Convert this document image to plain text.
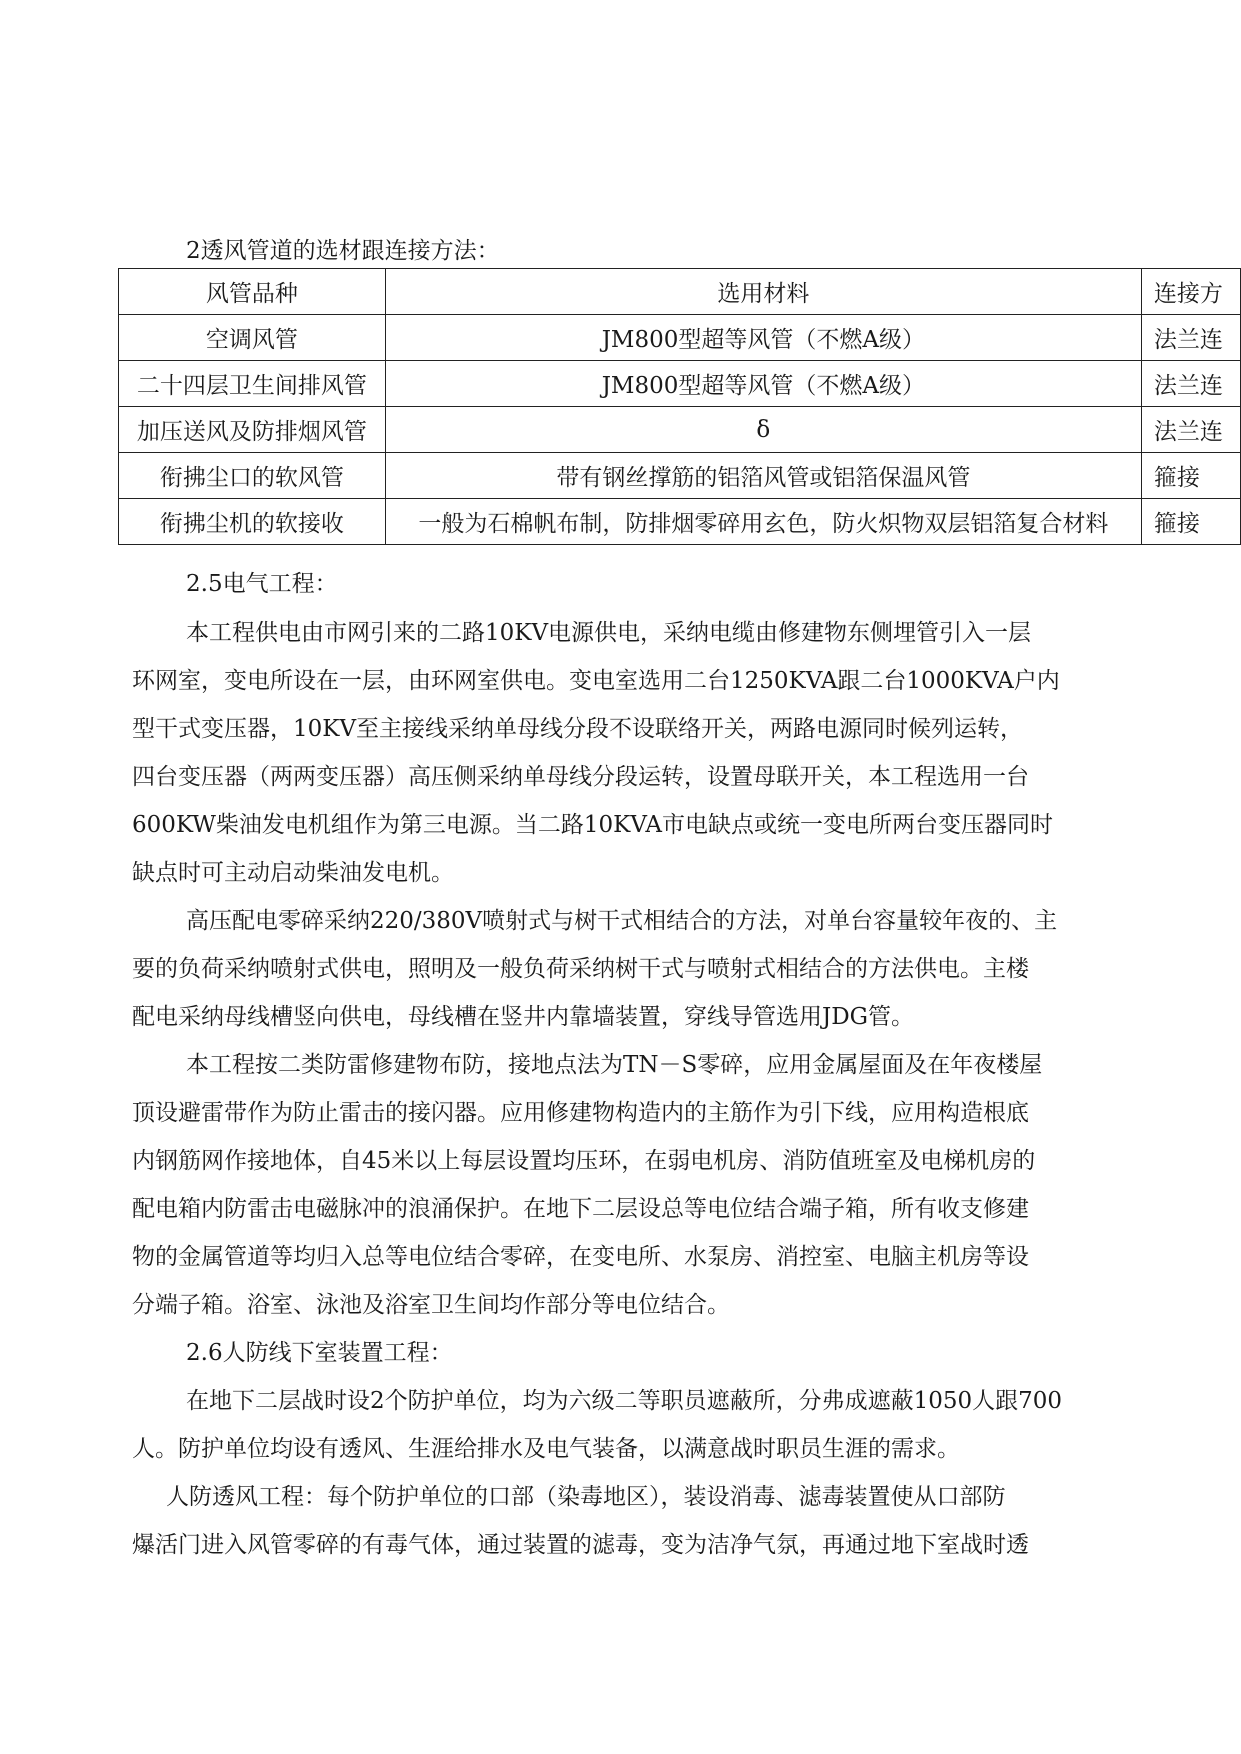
2透风管道的选材跟连接方法：
风管品种	选用材料	连接方
空调风管	JM800型超等风管（不燃A级）	法兰连
二十四层卫生间排风管	JM800型超等风管（不燃A级）	法兰连
加压送风及防排烟风管	δ	法兰连
衔拂尘口的软风管	带有钢丝撑筋的铝箔风管或铝箔保温风管	箍接
衔拂尘机的软接收	一般为石棉帆布制，防排烟零碎用玄色，防火炽物双层铝箔复合材料	箍接
2.5电气工程：
本工程供电由市网引来的二路10KV电源供电，采纳电缆由修建物东侧埋管引入一层
环网室，变电所设在一层，由环网室供电。变电室选用二台1250KVA跟二台1000KVA户内
型干式变压器，10KV至主接线采纳单母线分段不设联络开关，两路电源同时候列运转，
四台变压器（两两变压器）高压侧采纳单母线分段运转，设置母联开关，本工程选用一台
600KW柴油发电机组作为第三电源。当二路10KVA市电缺点或统一变电所两台变压器同时
缺点时可主动启动柴油发电机。
高压配电零碎采纳220/380V喷射式与树干式相结合的方法，对单台容量较年夜的、主
要的负荷采纳喷射式供电，照明及一般负荷采纳树干式与喷射式相结合的方法供电。主楼
配电采纳母线槽竖向供电，母线槽在竖井内靠墙装置，穿线导管选用JDG管。
本工程按二类防雷修建物布防，接地点法为TN－S零碎，应用金属屋面及在年夜楼屋
顶设避雷带作为防止雷击的接闪器。应用修建物构造内的主筋作为引下线，应用构造根底
内钢筋网作接地体，自45米以上每层设置均压环，在弱电机房、消防值班室及电梯机房的
配电箱内防雷击电磁脉冲的浪涌保护。在地下二层设总等电位结合端子箱，所有收支修建
物的金属管道等均归入总等电位结合零碎，在变电所、水泵房、消控室、电脑主机房等设
分端子箱。浴室、泳池及浴室卫生间均作部分等电位结合。
2.6人防线下室装置工程：
在地下二层战时设2个防护单位，均为六级二等职员遮蔽所，分弗成遮蔽1050人跟700
人。防护单位均设有透风、生涯给排水及电气装备，以满意战时职员生涯的需求。
人防透风工程：每个防护单位的口部（染毒地区），装设消毒、滤毒装置使从口部防
爆活门进入风管零碎的有毒气体，通过装置的滤毒，变为洁净气氛，再通过地下室战时透
